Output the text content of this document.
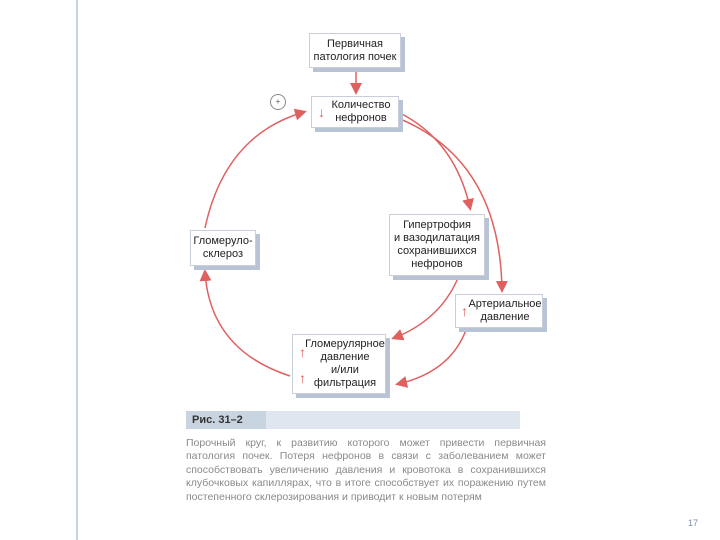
+
Первичная
патология почек
↓ Количество
нефронов
Гипертрофия
и вазодилатация
сохранившихся
нефронов
↑ Артериальное
давление
↑
↑
Гломерулярное
давление
и/или
фильтрация
Гломеруло-
склероз
Рис. 31–2
Порочный круг, к развитию которого может привести первичная патология почек. Потеря нефронов в связи с заболеванием может способствовать увеличению давления и кровотока в сохранившихся клубочковых капиллярах, что в итоге способствует их поражению путем постепенного склерозирования и приводит к новым потерям
17
